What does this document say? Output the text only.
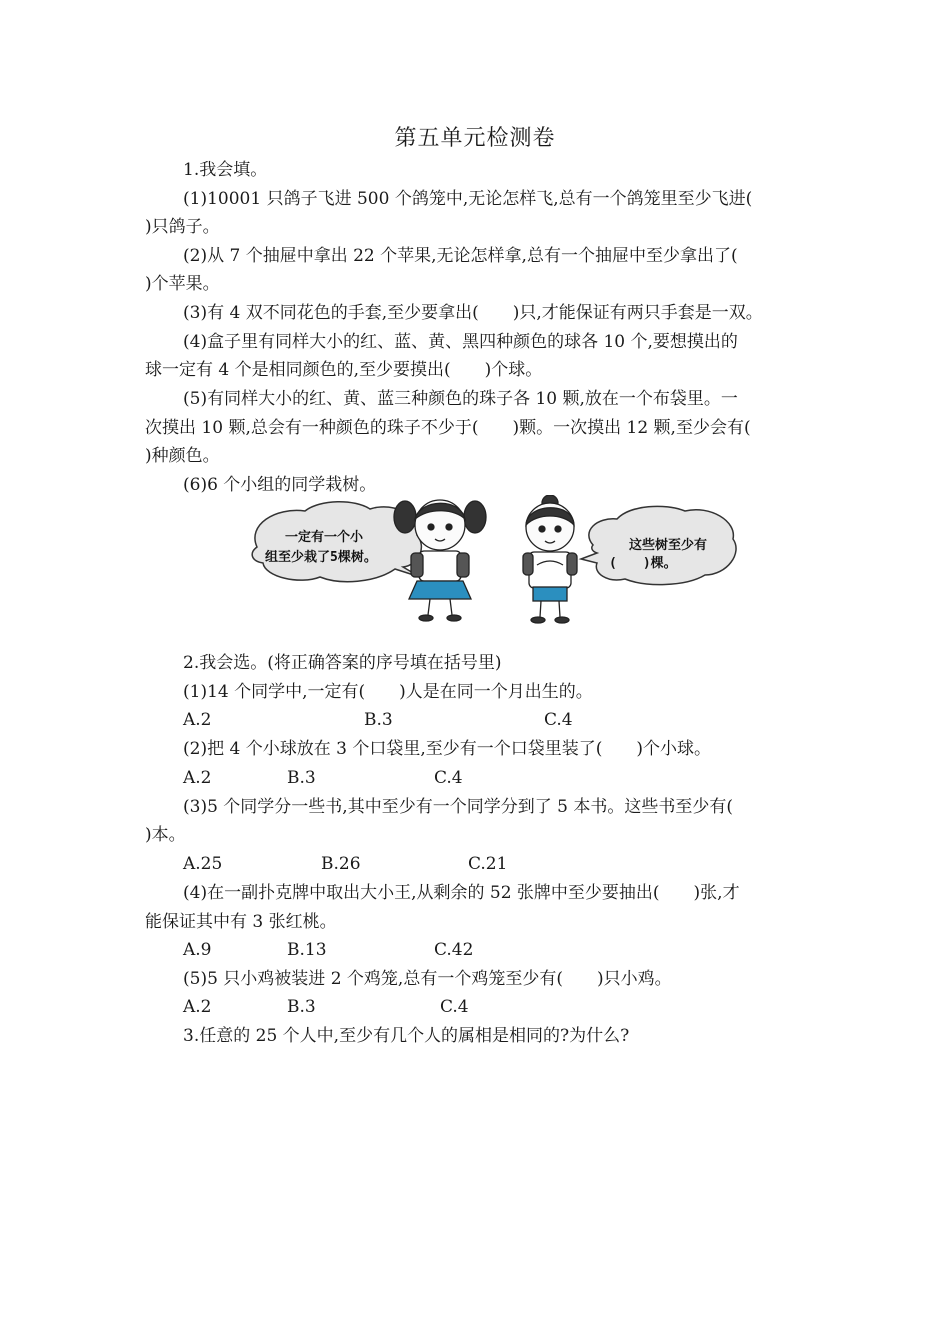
第五单元检测卷
1.我会填。
(1)10001 只鸽子飞进 500 个鸽笼中,无论怎样飞,总有一个鸽笼里至少飞进(
)只鸽子。
(2)从 7 个抽屉中拿出 22 个苹果,无论怎样拿,总有一个抽屉中至少拿出了(
)个苹果。
(3)有 4 双不同花色的手套,至少要拿出(　　)只,才能保证有两只手套是一双。
(4)盒子里有同样大小的红、蓝、黄、黑四种颜色的球各 10 个,要想摸出的
球一定有 4 个是相同颜色的,至少要摸出(　　)个球。
(5)有同样大小的红、黄、蓝三种颜色的珠子各 10 颗,放在一个布袋里。一
次摸出 10 颗,总会有一种颜色的珠子不少于(　　)颗。一次摸出 12 颗,至少会有(
)种颜色。
(6)6 个小组的同学栽树。
一定有一个小
组至少栽了5棵树。
这些树至少有
(　　)棵。
2.我会选。(将正确答案的序号填在括号里)
(1)14 个同学中,一定有(　　)人是在同一个月出生的。
A.2	B.3	C.4
(2)把 4 个小球放在 3 个口袋里,至少有一个口袋里装了(　　)个小球。
A.2	B.3	C.4
(3)5 个同学分一些书,其中至少有一个同学分到了 5 本书。这些书至少有(
)本。
A.25	B.26	C.21
(4)在一副扑克牌中取出大小王,从剩余的 52 张牌中至少要抽出(　　)张,才
能保证其中有 3 张红桃。
A.9	B.13	C.42
(5)5 只小鸡被装进 2 个鸡笼,总有一个鸡笼至少有(　　)只小鸡。
A.2	B.3	C.4
3.任意的 25 个人中,至少有几个人的属相是相同的?为什么?
